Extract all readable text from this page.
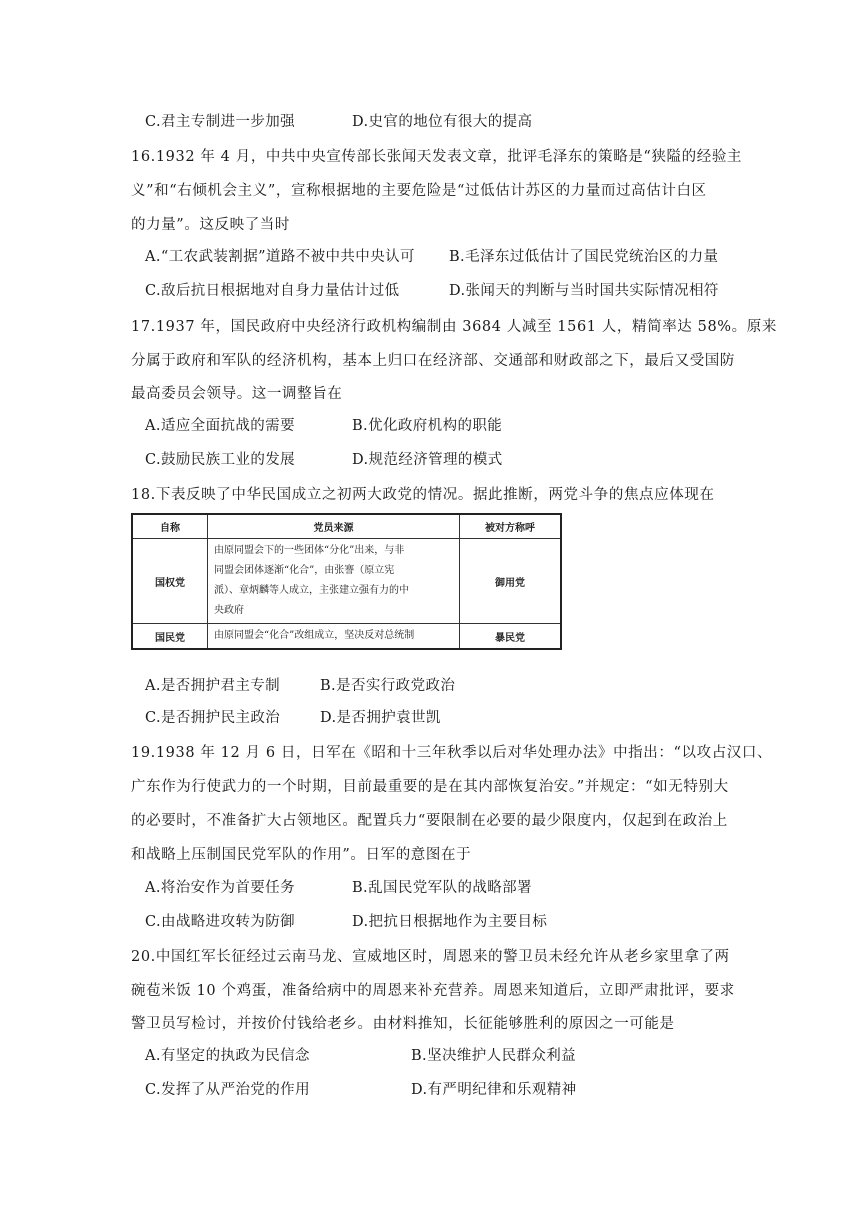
C.君主专制进一步加强	D.史官的地位有很大的提高
16.1932 年 4 月，中共中央宣传部长张闻天发表文章，批评毛泽东的策略是“狭隘的经验主
义”和“右倾机会主义”，宣称根据地的主要危险是“过低估计苏区的力量而过高估计白区
的力量”。这反映了当时
A.“工农武装割据”道路不被中共中央认可 B.毛泽东过低估计了国民党统治区的力量
C.敌后抗日根据地对自身力量估计过低	D.张闻天的判断与当时国共实际情况相符
17.1937 年，国民政府中央经济行政机构编制由 3684 人减至 1561 人，精简率达 58%。原来
分属于政府和军队的经济机构，基本上归口在经济部、交通部和财政部之下，最后又受国防
最高委员会领导。这一调整旨在
A.适应全面抗战的需要	B.优化政府机构的职能
C.鼓励民族工业的发展	D.规范经济管理的模式
18.下表反映了中华民国成立之初两大政党的情况。据此推断，两党斗争的焦点应体现在
自称	党员来源	被对方称呼
国权党	由原同盟会下的一些团体“分化”出来，与非
同盟会团体逐渐“化合”，由张謇（原立宪
派）、章炳麟等人成立，主张建立强有力的中
央政府	御用党
国民党	由原同盟会“化合”改组成立，坚决反对总统制	暴民党
A.是否拥护君主专制	B.是否实行政党政治
C.是否拥护民主政治	D.是否拥护袁世凯
19.1938 年 12 月 6 日，日军在《昭和十三年秋季以后对华处理办法》中指出：“以攻占汉口、
广东作为行使武力的一个时期，目前最重要的是在其内部恢复治安。”并规定：“如无特别大
的必要时，不准备扩大占领地区。配置兵力“要限制在必要的最少限度内，仅起到在政治上
和战略上压制国民党军队的作用”。日军的意图在于
A.将治安作为首要任务	B.乱国民党军队的战略部署
C.由战略进攻转为防御	D.把抗日根据地作为主要目标
20.中国红军长征经过云南马龙、宣威地区时，周恩来的警卫员未经允许从老乡家里拿了两
碗苞米饭 10 个鸡蛋，准备给病中的周恩来补充营养。周恩来知道后，立即严肃批评，要求
警卫员写检讨，并按价付钱给老乡。由材料推知，长征能够胜利的原因之一可能是
A.有坚定的执政为民信念	B.坚决维护人民群众利益
C.发挥了从严治党的作用	D.有严明纪律和乐观精神
